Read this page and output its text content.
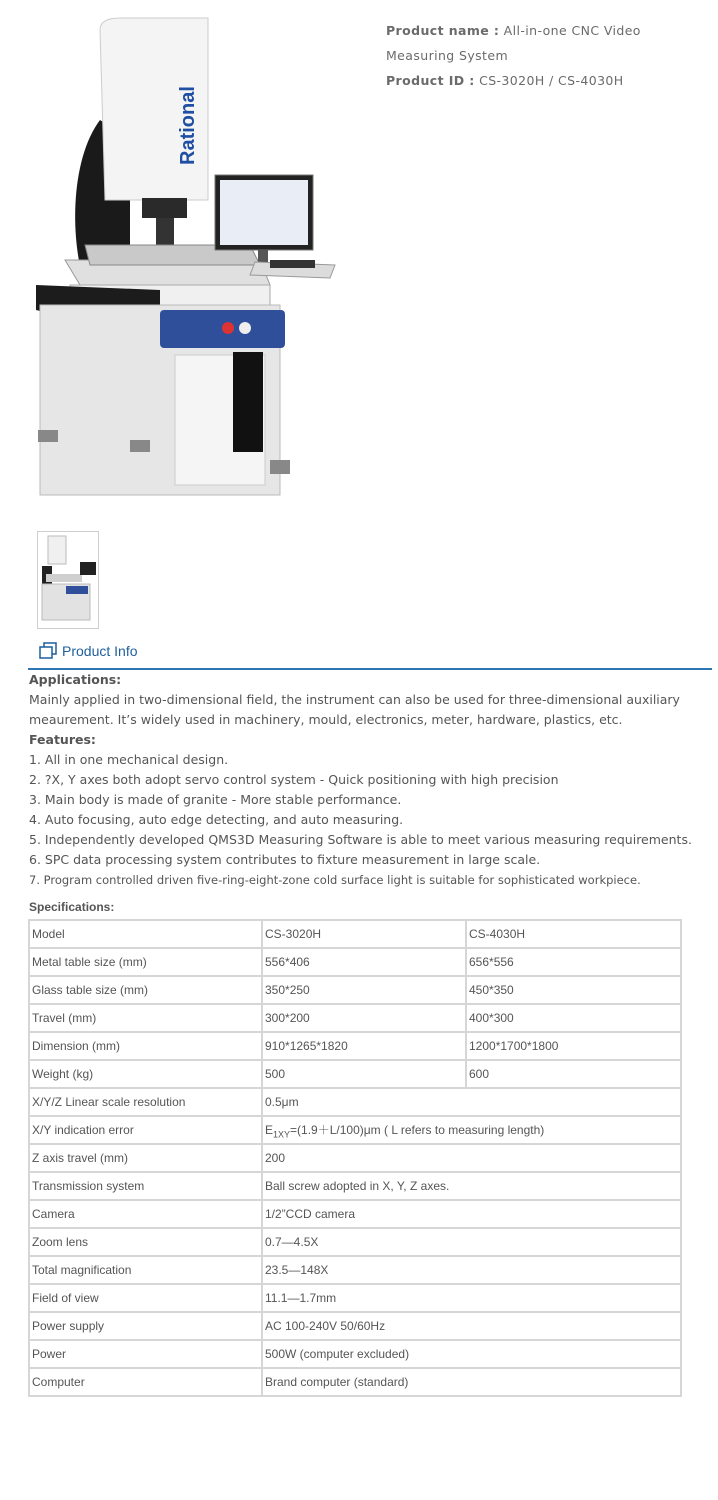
Rational
Product name : All-in-one CNC Video Measuring System
Product ID : CS-3020H / CS-4030H
Product Info
Applications:
Mainly applied in two-dimensional field, the instrument can also be used for three-dimensional auxiliary meaurement. It’s widely used in machinery, mould, electronics, meter, hardware, plastics, etc.
Features:
1. All in one mechanical design.
2. ?X, Y axes both adopt servo control system - Quick positioning with high precision
3. Main body is made of granite - More stable performance.
4. Auto focusing, auto edge detecting, and auto measuring.
5. Independently developed QMS3D Measuring Software is able to meet various measuring requirements.
6. SPC data processing system contributes to fixture measurement in large scale.
7. Program controlled driven five-ring-eight-zone cold surface light is suitable for sophisticated workpiece.
Specifications:
Model	CS-3020H	CS-4030H
Metal table size (mm)	556*406	656*556
Glass table size (mm)	350*250	450*350
Travel (mm)	300*200	400*300
Dimension (mm)	910*1265*1820	1200*1700*1800
Weight (kg)	500	600
X/Y/Z Linear scale resolution	0.5μm	
X/Y indication error	$E_{1XY}=(1.9+L/100)\mu m$ ( L refers to measuring length)	
Z axis travel (mm)	200	
Transmission system	Ball screw adopted in X, Y, Z axes.	
Camera	1/2”CCD camera	
Zoom lens	0.7—4.5X	
Total magnification	23.5—148X	
Field of view	11.1—1.7mm	
Power supply	AC 100-240V 50/60Hz	
Power	500W (computer excluded)	
Computer	Brand computer (standard)	
